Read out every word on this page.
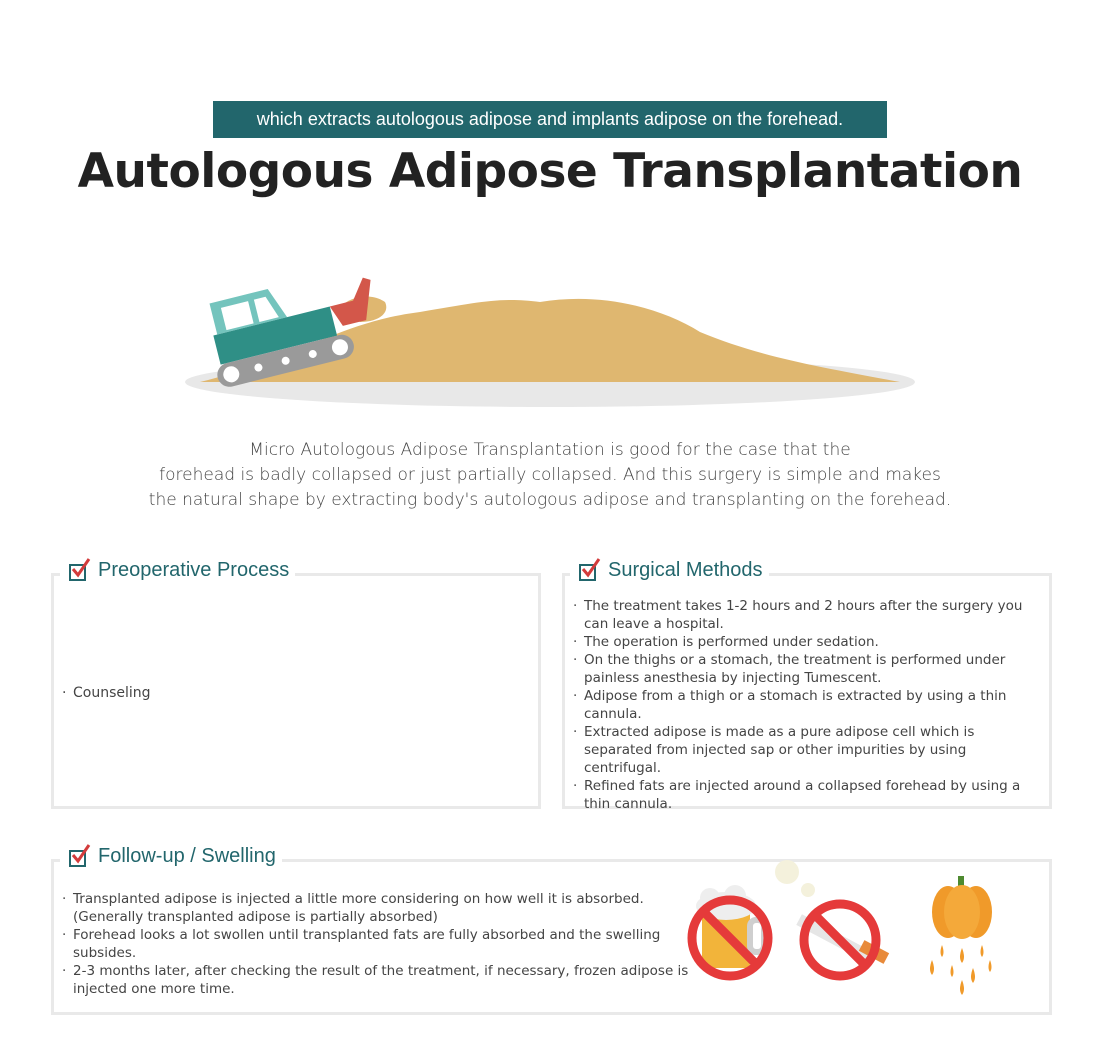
which extracts autologous adipose and implants adipose on the forehead.
Autologous Adipose Transplantation
Micro Autologous Adipose Transplantation is good for the case that the
forehead is badly collapsed or just partially collapsed. And this surgery is simple and makes
the natural shape by extracting body's autologous adipose and transplanting on the forehead.
Preoperative Process
· Counseling
Surgical Methods
· The treatment takes 1-2 hours and 2 hours after the surgery you can leave a hospital.
· The operation is performed under sedation.
· On the thighs or a stomach, the treatment is performed under painless anesthesia by injecting Tumescent.
· Adipose from a thigh or a stomach is extracted by using a thin cannula.
· Extracted adipose is made as a pure adipose cell which is separated from injected sap or other impurities by using centrifugal.
· Refined fats are injected around a collapsed forehead by using a thin cannula.
Follow-up / Swelling
· Transplanted adipose is injected a little more considering on how well it is absorbed. (Generally transplanted adipose is partially absorbed)
· Forehead looks a lot swollen until transplanted fats are fully absorbed and the swelling subsides.
· 2-3 months later, after checking the result of the treatment, if necessary, frozen adipose is injected one more time.
